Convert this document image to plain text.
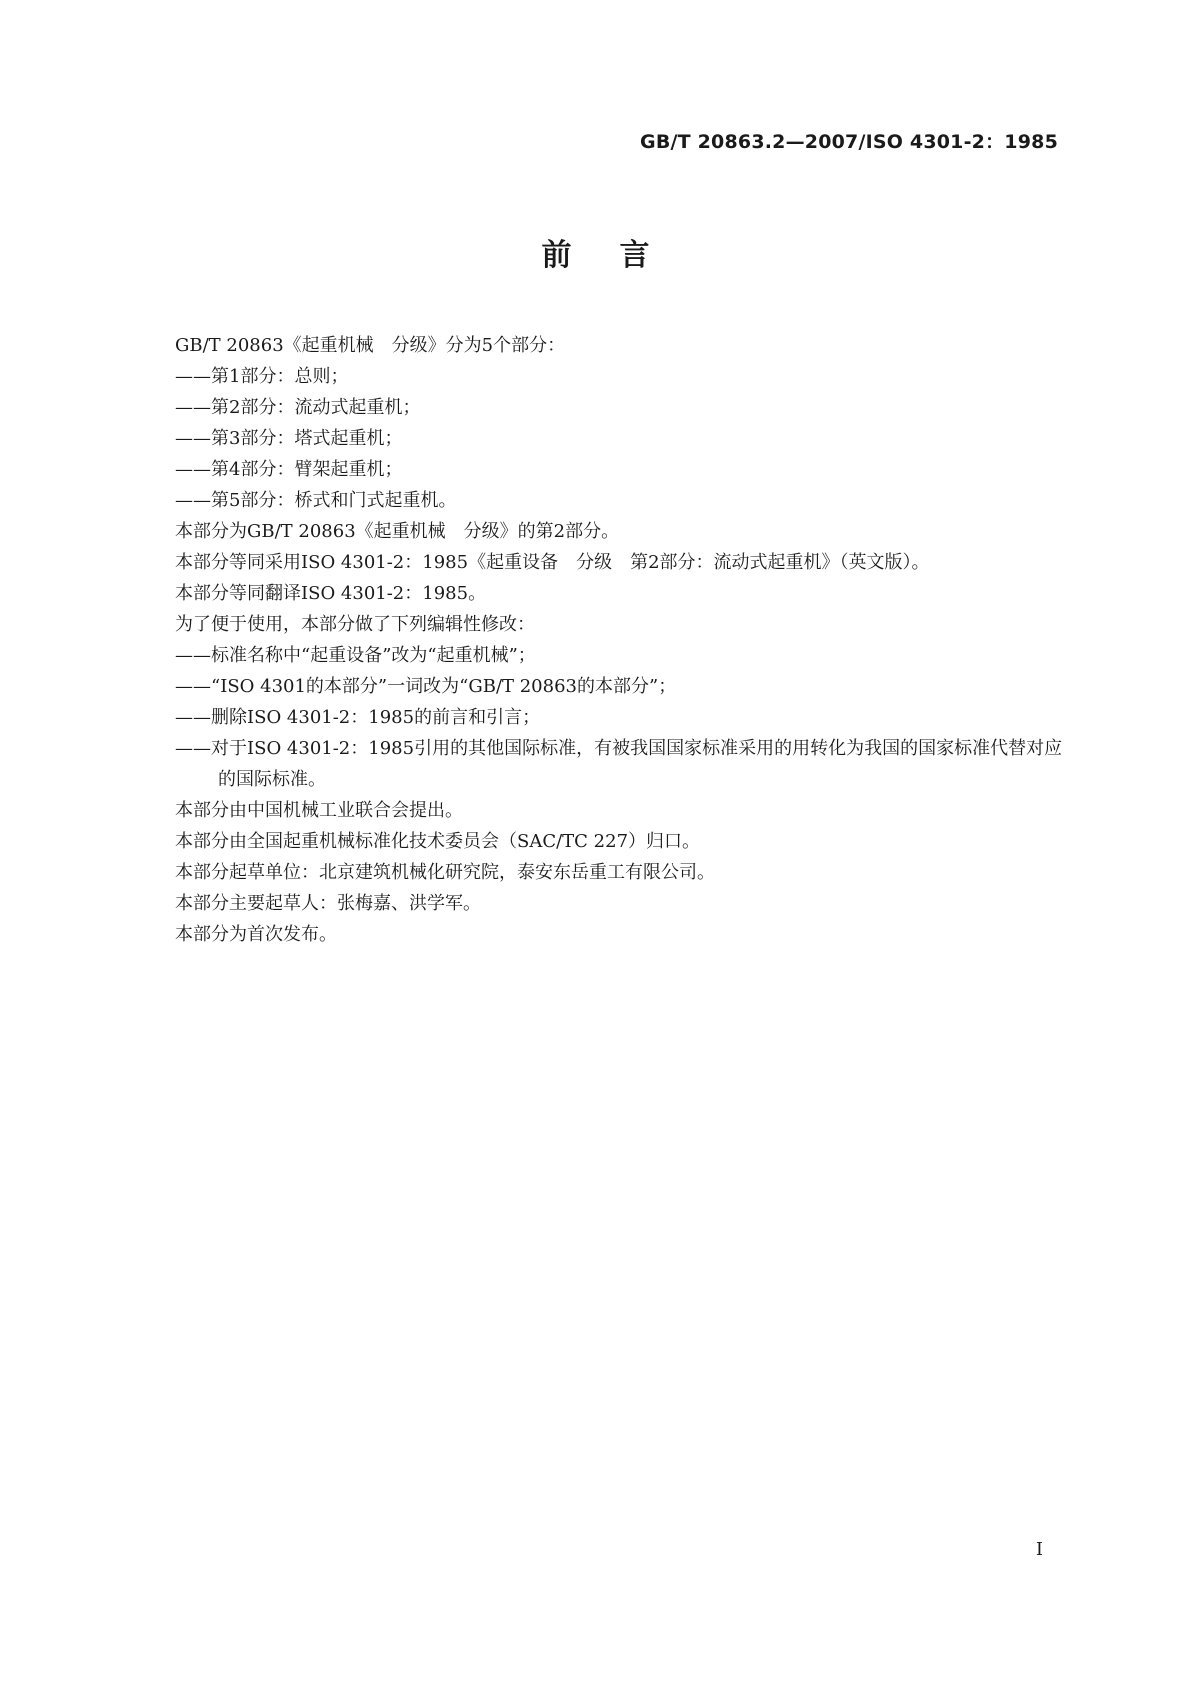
GB/T 20863.2—2007/ISO 4301-2：1985
前言
GB/T 20863《起重机械　分级》分为5个部分：
——第1部分：总则；
——第2部分：流动式起重机；
——第3部分：塔式起重机；
——第4部分：臂架起重机；
——第5部分：桥式和门式起重机。
本部分为GB/T 20863《起重机械　分级》的第2部分。
本部分等同采用ISO 4301-2：1985《起重设备　分级　第2部分：流动式起重机》（英文版）。
本部分等同翻译ISO 4301-2：1985。
为了便于使用，本部分做了下列编辑性修改：
——标准名称中“起重设备”改为“起重机械”；
——“ISO 4301的本部分”一词改为“GB/T 20863的本部分”；
——删除ISO 4301-2：1985的前言和引言；
——对于ISO 4301-2：1985引用的其他国际标准，有被我国国家标准采用的用转化为我国的国家标准代替对应的国际标准。
本部分由中国机械工业联合会提出。
本部分由全国起重机械标准化技术委员会（SAC/TC 227）归口。
本部分起草单位：北京建筑机械化研究院，泰安东岳重工有限公司。
本部分主要起草人：张梅嘉、洪学军。
本部分为首次发布。
I
